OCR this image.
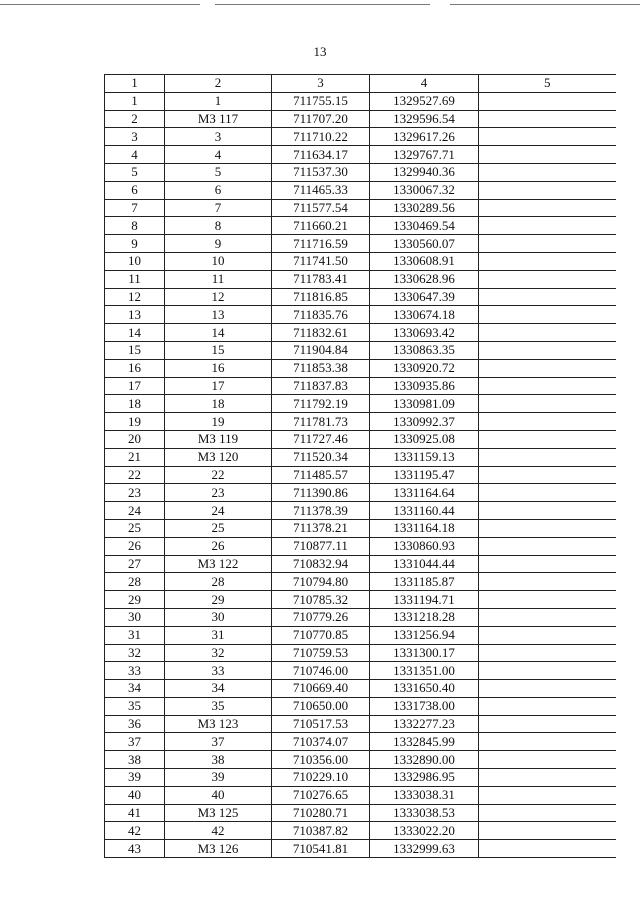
13
1	2	3	4	5
1	1	711755.15	1329527.69	
2	МЗ 117	711707.20	1329596.54	
3	3	711710.22	1329617.26	
4	4	711634.17	1329767.71	
5	5	711537.30	1329940.36	
6	6	711465.33	1330067.32	
7	7	711577.54	1330289.56	
8	8	711660.21	1330469.54	
9	9	711716.59	1330560.07	
10	10	711741.50	1330608.91	
11	11	711783.41	1330628.96	
12	12	711816.85	1330647.39	
13	13	711835.76	1330674.18	
14	14	711832.61	1330693.42	
15	15	711904.84	1330863.35	
16	16	711853.38	1330920.72	
17	17	711837.83	1330935.86	
18	18	711792.19	1330981.09	
19	19	711781.73	1330992.37	
20	МЗ 119	711727.46	1330925.08	
21	МЗ 120	711520.34	1331159.13	
22	22	711485.57	1331195.47	
23	23	711390.86	1331164.64	
24	24	711378.39	1331160.44	
25	25	711378.21	1331164.18	
26	26	710877.11	1330860.93	
27	МЗ 122	710832.94	1331044.44	
28	28	710794.80	1331185.87	
29	29	710785.32	1331194.71	
30	30	710779.26	1331218.28	
31	31	710770.85	1331256.94	
32	32	710759.53	1331300.17	
33	33	710746.00	1331351.00	
34	34	710669.40	1331650.40	
35	35	710650.00	1331738.00	
36	МЗ 123	710517.53	1332277.23	
37	37	710374.07	1332845.99	
38	38	710356.00	1332890.00	
39	39	710229.10	1332986.95	
40	40	710276.65	1333038.31	
41	МЗ 125	710280.71	1333038.53	
42	42	710387.82	1333022.20	
43	МЗ 126	710541.81	1332999.63	
